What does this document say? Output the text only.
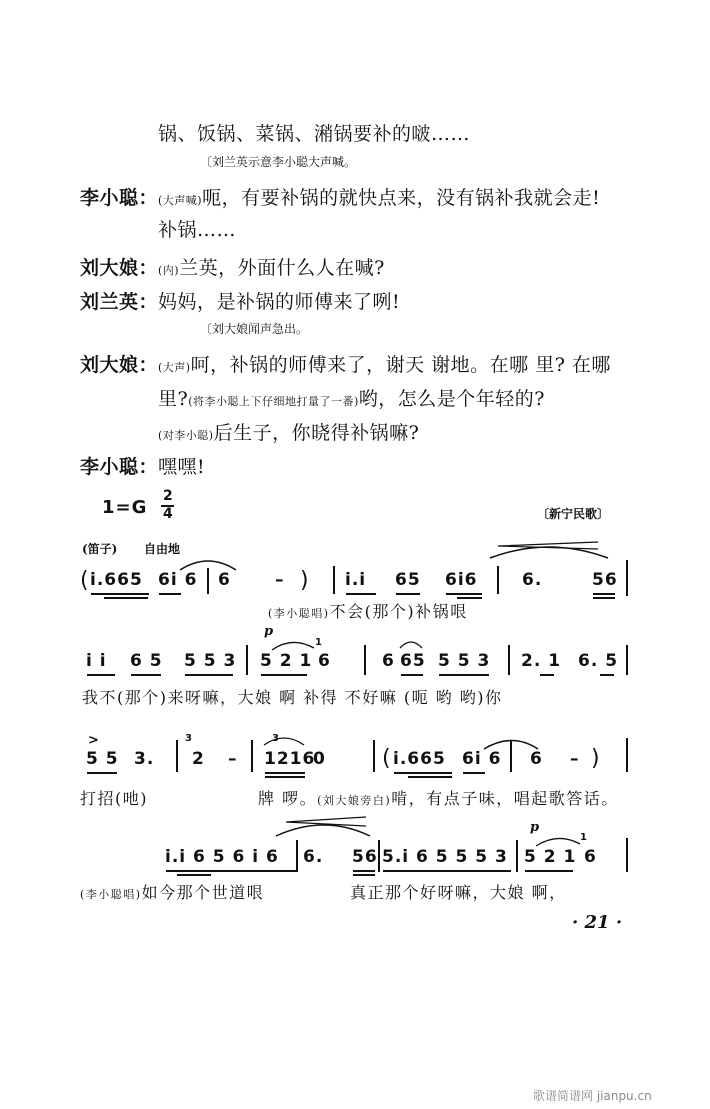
锅、饭锅、菜锅、潲锅要补的啵……
〔刘兰英示意李小聪大声喊。
李小聪：(大声喊)呃，有要补锅的就快点来，没有锅补我就会走!
补锅……
刘大娘：(内)兰英，外面什么人在喊?
刘兰英：妈妈，是补锅的师傅来了咧!
〔刘大娘闻声急出。
刘大娘：(大声)呵，补锅的师傅来了，谢天 谢地。在哪 里? 在哪
里?(将李小聪上下仔细地打量了一番)哟，怎么是个年轻的?
(对李小聪)后生子，你晓得补锅嘛?
李小聪：嘿嘿!
1=G
2
4	〔新宁民歌〕
(笛子) 自由地
( i.665 6i 6 6	– ) i.i 65 6i6	6.	56
(李小聪唱)不会(那个)补锅哏
i i 6 5 5 5 3
p
5 2 1
1
6	6 65 5 5 3 2. 1 6. 5
我不(那个)来呀嘛，大娘 啊 补得 不好嘛 (呃 哟 哟)你
>
5 5 3.
3
2 –
3
1216
0	( i.665 6i 6 6 – )
打招(吔)	牌 啰。(刘大娘旁白)啃，有点子味，唱起歌答话。
i.i 6 5 6 i 6 6. 56 5.i 6 5 5 5 3
p
5 2 1
1
6
(李小聪唱)如今那个世道哏	真正那个好呀嘛，大娘 啊，
· 21 ·
歌谱简谱网 jianpu.cn
